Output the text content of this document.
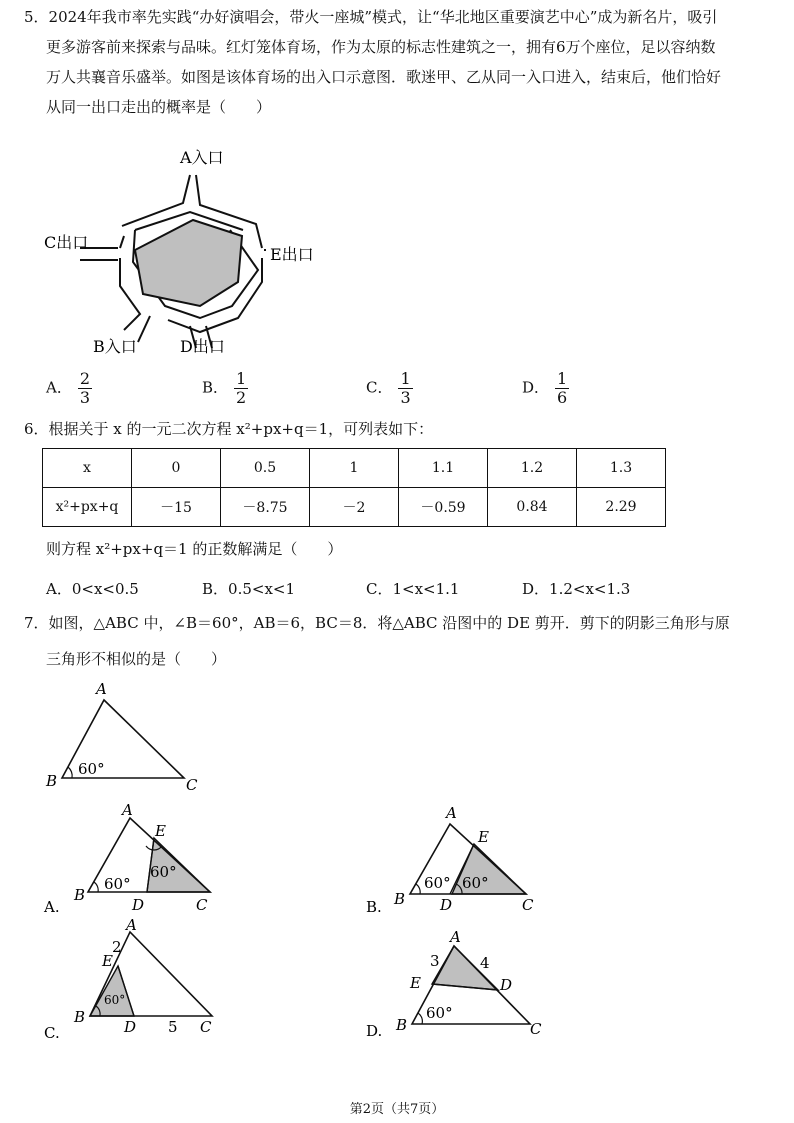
5．2024年我市率先实践“办好演唱会，带火一座城”模式，让“华北地区重要演艺中心”成为新名片，吸引
更多游客前来探索与品味。红灯笼体育场，作为太原的标志性建筑之一，拥有6万个座位，足以容纳数
万人共襄音乐盛举。如图是该体育场的出入口示意图．歌迷甲、乙从同一入口进入，结束后，他们恰好
从同一出口走出的概率是（　　）
A入口
C出口
E出口
B入口	D出口
A． $\frac{2}{3}$	B． $\frac{1}{2}$	C． $\frac{1}{3}$	D． $\frac{1}{6}$
6．根据关于 x 的一元二次方程 x²+px+q＝1，可列表如下：
x	0	0.5	1	1.1	1.2	1.3
x²+px+q	－15	－8.75	－2	－0.59	0.84	2.29
则方程 x²+px+q＝1 的正数解满足（　　）
A．0<x<0.5	B．0.5<x<1	C．1<x<1.1	D．1.2<x<1.3
7．如图，△ABC 中，∠B＝60°，AB＝6，BC＝8．将△ABC 沿图中的 DE 剪开．剪下的阴影三角形与原
三角形不相似的是（　　）
A
B	C
60°
A
E
B
D	C
60°
60°
A.
A
E
B D	C
60° 60°
B.
A
E
B
D	C
2
5
60°
C.
A
E	D
B	C
3	4
60°
D.
第2页（共7页）
